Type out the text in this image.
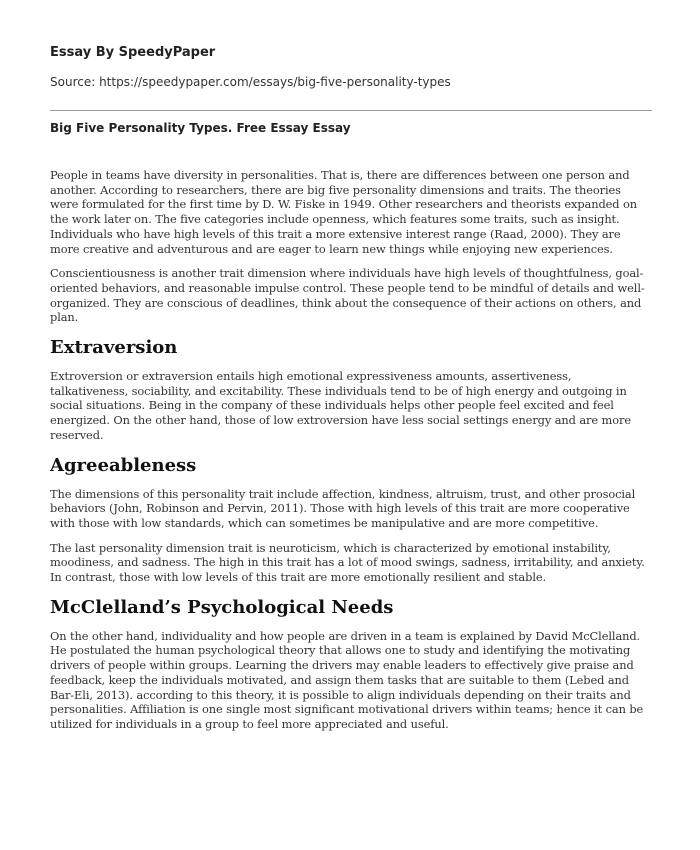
Essay By SpeedyPaper
Source: https://speedypaper.com/essays/big-five-personality-types
Big Five Personality Types. Free Essay Essay

People in teams have diversity in personalities. That is, there are differences between one person and another. According to researchers, there are big five personality dimensions and traits. The theories were formulated for the first time by D. W. Fiske in 1949. Other researchers and theorists expanded on the work later on. The five categories include openness, which features some traits, such as insight. Individuals who have high levels of this trait a more extensive interest range (Raad, 2000). They are more creative and adventurous and are eager to learn new things while enjoying new experiences.

Conscientiousness is another trait dimension where individuals have high levels of thoughtfulness, goal-oriented behaviors, and reasonable impulse control. These people tend to be mindful of details and well-organized. They are conscious of deadlines, think about the consequence of their actions on others, and plan.

Extraversion

Extroversion or extraversion entails high emotional expressiveness amounts, assertiveness, talkativeness, sociability, and excitability. These individuals tend to be of high energy and outgoing in social situations. Being in the company of these individuals helps other people feel excited and feel energized. On the other hand, those of low extroversion have less social settings energy and are more reserved.

Agreeableness

The dimensions of this personality trait include affection, kindness, altruism, trust, and other prosocial behaviors (John, Robinson and Pervin, 2011). Those with high levels of this trait are more cooperative with those with low standards, which can sometimes be manipulative and are more competitive.

The last personality dimension trait is neuroticism, which is characterized by emotional instability, moodiness, and sadness. The high in this trait has a lot of mood swings, sadness, irritability, and anxiety. In contrast, those with low levels of this trait are more emotionally resilient and stable.

McClelland’s Psychological Needs

On the other hand, individuality and how people are driven in a team is explained by David McClelland. He postulated the human psychological theory that allows one to study and identifying the motivating drivers of people within groups. Learning the drivers may enable leaders to effectively give praise and feedback, keep the individuals motivated, and assign them tasks that are suitable to them (Lebed and Bar-Eli, 2013). according to this theory, it is possible to align individuals depending on their traits and personalities. Affiliation is one single most significant motivational drivers within teams; hence it can be utilized for individuals in a group to feel more appreciated and useful.
